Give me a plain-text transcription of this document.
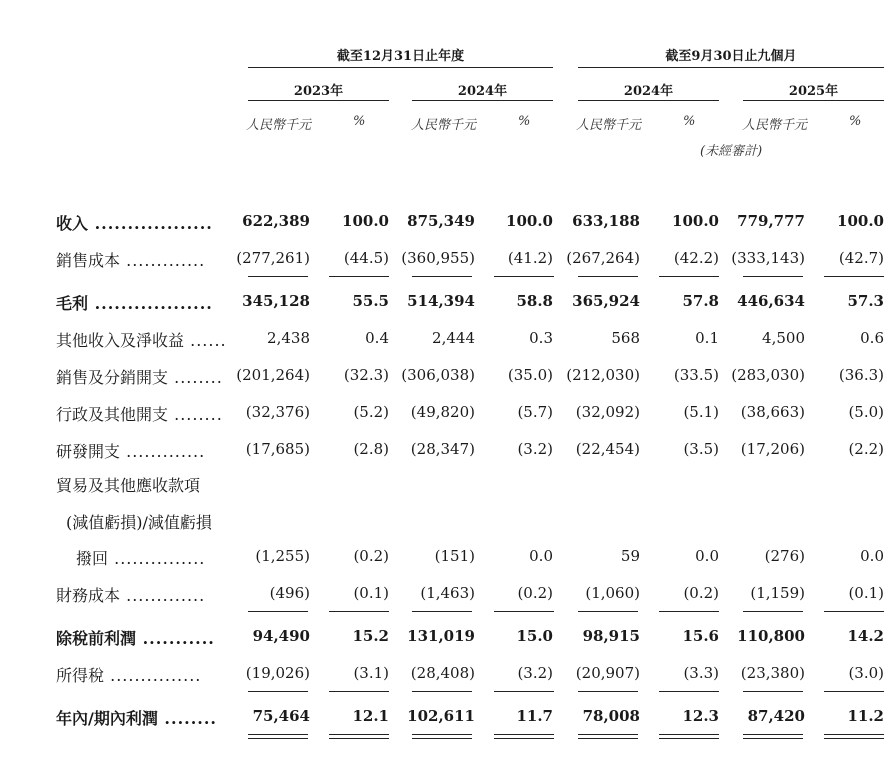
截至12月31日止年度	截至9月30日止九個月
2023年	2024年	2024年	2025年
人民幣千元	%	人民幣千元	%	人民幣千元	%	人民幣千元	%
(未經審計)
收入 ..................	622,389	100.0	875,349	100.0	633,188	100.0	779,777	100.0
銷售成本 .............	(277,261)	(44.5) (360,955)	(41.2) (267,264)	(42.2) (333,143)	(42.7)
毛利 ..................	345,128	55.5	514,394	58.8	365,924	57.8	446,634	57.3
其他收入及淨收益 ......	2,438	0.4	2,444	0.3	568	0.1	4,500	0.6
銷售及分銷開支 ........ (201,264)	(32.3) (306,038)	(35.0) (212,030)	(33.5) (283,030)	(36.3)
行政及其他開支 ........	(32,376)	(5.2)	(49,820)	(5.7)	(32,092)	(5.1)	(38,663)	(5.0)
研發開支 .............	(17,685)	(2.8)	(28,347)	(3.2)	(22,454)	(3.5)	(17,206)	(2.2)
貿易及其他應收款項
(減值虧損)/減值虧損
撥回 ...............	(1,255)	(0.2)	(151)	0.0	59	0.0	(276)	0.0
財務成本 .............	(496)	(0.1)	(1,463)	(0.2)	(1,060)	(0.2)	(1,159)	(0.1)
除稅前利潤 ...........	94,490	15.2	131,019	15.0	98,915	15.6	110,800	14.2
所得稅 ...............	(19,026)	(3.1)	(28,408)	(3.2)	(20,907)	(3.3)	(23,380)	(3.0)
年內/期內利潤 ........	75,464	12.1	102,611	11.7	78,008	12.3	87,420	11.2
